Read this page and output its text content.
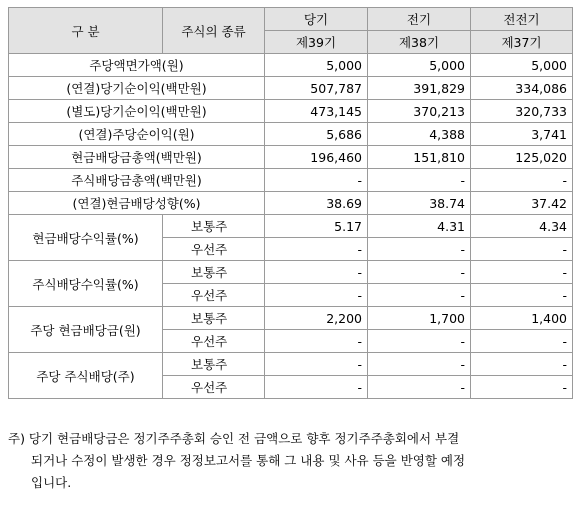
구 분	주식의 종류	당기	전기	전전기
		제39기	제38기	제37기
주당액면가액(원)		5,000	5,000	5,000
(연결)당기순이익(백만원)		507,787	391,829	334,086
(별도)당기순이익(백만원)		473,145	370,213	320,733
(연결)주당순이익(원)		5,686	4,388	3,741
현금배당금총액(백만원)		196,460	151,810	125,020
주식배당금총액(백만원)		-	-	-
(연결)현금배당성향(%)		38.69	38.74	37.42
현금배당수익률(%)	보통주	5.17	4.31	4.34
	우선주	-	-	-
주식배당수익률(%)	보통주	-	-	-
	우선주	-	-	-
주당 현금배당금(원)	보통주	2,200	1,700	1,400
	우선주	-	-	-
주당 주식배당(주)	보통주	-	-	-
	우선주	-	-	-
주) 당기 현금배당금은 정기주주총회 승인 전 금액으로 향후 정기주주총회에서 부결
되거나 수정이 발생한 경우 정정보고서를 통해 그 내용 및 사유 등을 반영할 예정
입니다.
